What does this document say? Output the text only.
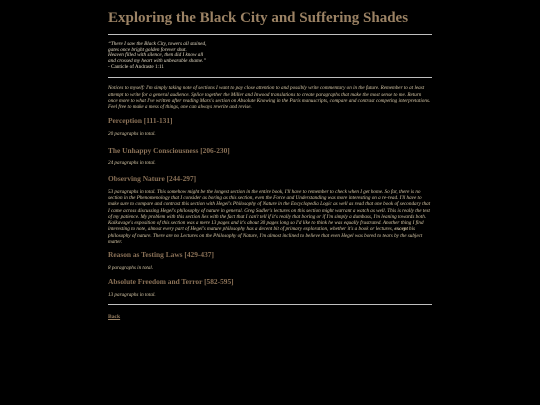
Exploring the Black City and Suffering Shades
“There I saw the Black City, towers all stained,
gates once bright golden forever shut.
Heaven filled with silence, then did I know all
and crossed my heart with unbearable shame.”
- Canticle of Andraste 1:11

Notices to myself: I'm simply taking note of sections I want to pay close attention to and possibly write commentary on in the future. Remember to at least attempt to write for a general audience. Splice together the Miller and Inwood translations to create paragraphs that make the most sense to me. Return once more to what I've written after reading Marx's section on Absolute Knowing in the Paris manuscripts, compare and contrast competing interpretations. Feel free to make a mess of things, one can always rewrite and revise.

Perception [111-131]
20 paragraphs in total.
The Unhappy Consciousness [206-230]
24 paragraphs in total.
Observing Nature [244-297]
53 paragraphs in total. This somehow might be the longest section in the entire book, I'll have to remember to check when I get home. So far, there is no section in the Phenomenology that I consider as boring as this section, even the Force and Understanding was more interesting on a re-read. I'll have to make sure to compare and contrast this section with Hegel's Philosophy of Nature in the Encyclopedia Logic as well as read that one book of secondary that I came across discussing Hegel's philosophy of nature in general. Greg Sadler's lectures on this section might warrant a watch as well. This is really the test of my patience. My problem with this section lies with the fact that I can't tell if it's really that boring or if I'm simply a dumbass, I'm leaning towards both. Kalkavage's exposition of this section was a mere 13 pages and it's about 30 pages long so I'd like to think he was equally frustrated. Another thing I find interesting to note, almost every part of Hegel's mature philosophy has a decent bit of primary exploration, whether it's a book or lectures, except his philosophy of nature. There are no Lectures on the Philosophy of Nature, I'm almost inclined to believe that even Hegel was bored to tears by the subject matter.
Reason as Testing Laws [429-437]
8 paragraphs in total.
Absolute Freedom and Terror [582-595]
13 paragraphs in total.
Back
